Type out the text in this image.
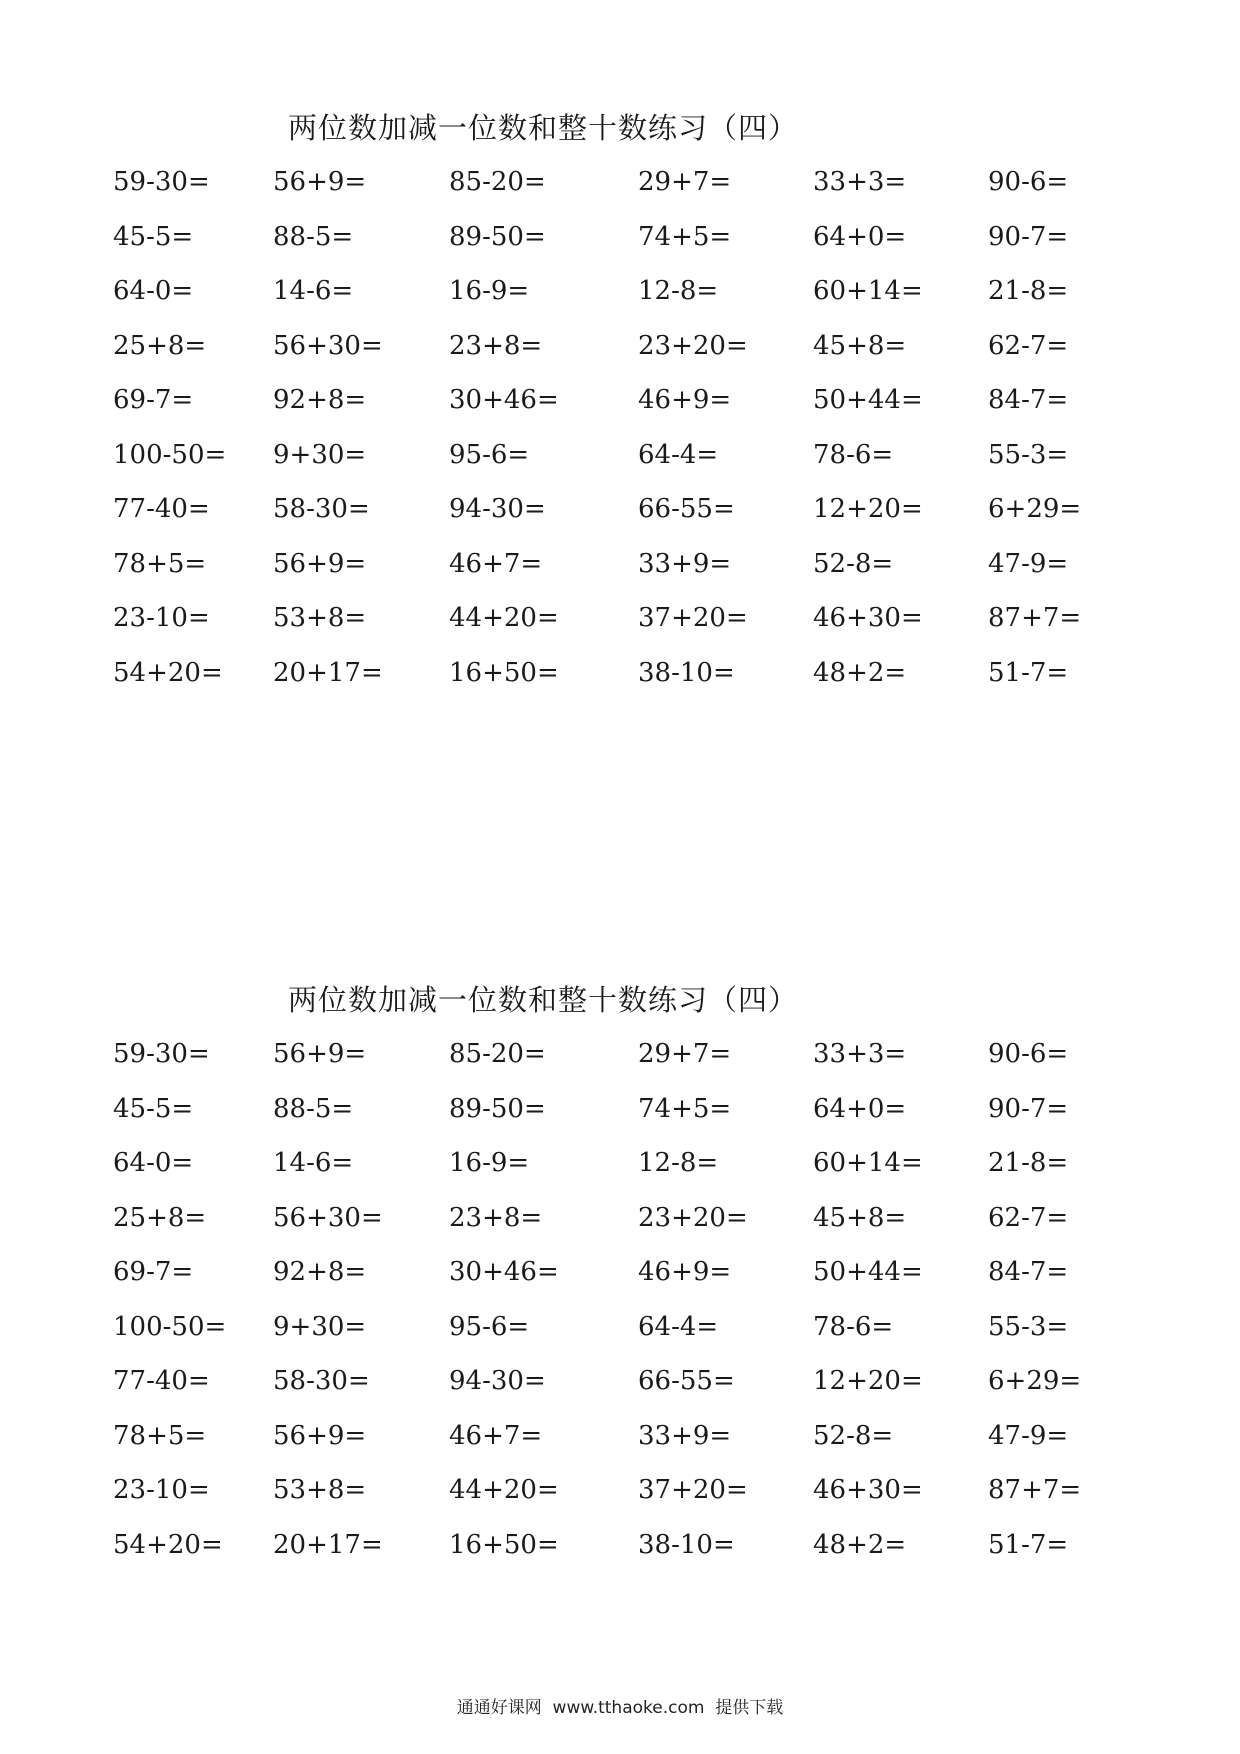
两位数加减一位数和整十数练习（四）
59-30= 56+9=	85-20=	29+7=	33+3=	90-6=
45-5=	88-5=	89-50=	74+5=	64+0=	90-7=
64-0=	14-6=	16-9=	12-8=	60+14=	21-8=
25+8=	56+30=	23+8=	23+20=	45+8=	62-7=
69-7=	92+8=	30+46=	46+9=	50+44=	84-7=
100-50= 9+30=	95-6=	64-4=	78-6=	55-3=
77-40= 58-30=	94-30=	66-55=	12+20=	6+29=
78+5=	56+9=	46+7=	33+9=	52-8=	47-9=
23-10= 53+8=	44+20=	37+20=	46+30=	87+7=
54+20= 20+17=	16+50=	38-10=	48+2=	51-7=
两位数加减一位数和整十数练习（四）
59-30= 56+9=	85-20=	29+7=	33+3=	90-6=
45-5=	88-5=	89-50=	74+5=	64+0=	90-7=
64-0=	14-6=	16-9=	12-8=	60+14=	21-8=
25+8=	56+30=	23+8=	23+20=	45+8=	62-7=
69-7=	92+8=	30+46=	46+9=	50+44=	84-7=
100-50= 9+30=	95-6=	64-4=	78-6=	55-3=
77-40= 58-30=	94-30=	66-55=	12+20=	6+29=
78+5=	56+9=	46+7=	33+9=	52-8=	47-9=
23-10= 53+8=	44+20=	37+20=	46+30=	87+7=
54+20= 20+17=	16+50=	38-10=	48+2=	51-7=
通通好课网  www.tthaoke.com  提供下载
